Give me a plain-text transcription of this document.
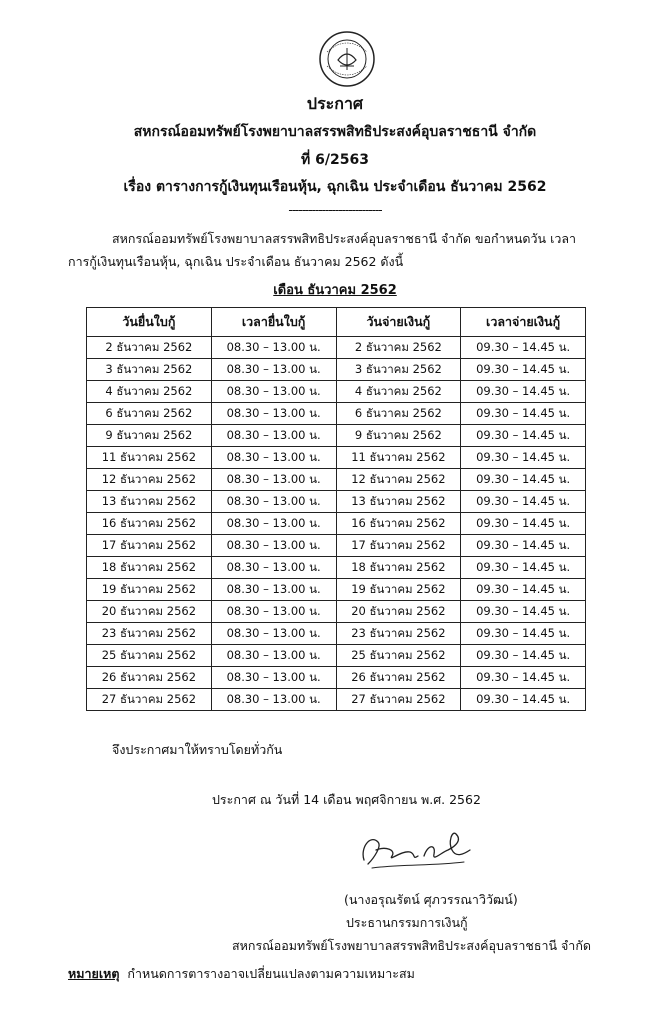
ประกาศ
สหกรณ์ออมทรัพย์โรงพยาบาลสรรพสิทธิประสงค์อุบลราชธานี จำกัด
ที่ 6/2563
เรื่อง ตารางการกู้เงินทุนเรือนหุ้น, ฉุกเฉิน ประจำเดือน ธันวาคม 2562
----------------------------
สหกรณ์ออมทรัพย์โรงพยาบาลสรรพสิทธิประสงค์อุบลราชธานี จำกัด ขอกำหนดวัน เวลา
การกู้เงินทุนเรือนหุ้น, ฉุกเฉิน ประจำเดือน ธันวาคม 2562 ดังนี้
เดือน ธันวาคม 2562
วันยื่นใบกู้	เวลายื่นใบกู้	วันจ่ายเงินกู้	เวลาจ่ายเงินกู้
2 ธันวาคม 2562	08.30 – 13.00 น.	2 ธันวาคม 2562	09.30 – 14.45 น.
3 ธันวาคม 2562	08.30 – 13.00 น.	3 ธันวาคม 2562	09.30 – 14.45 น.
4 ธันวาคม 2562	08.30 – 13.00 น.	4 ธันวาคม 2562	09.30 – 14.45 น.
6 ธันวาคม 2562	08.30 – 13.00 น.	6 ธันวาคม 2562	09.30 – 14.45 น.
9 ธันวาคม 2562	08.30 – 13.00 น.	9 ธันวาคม 2562	09.30 – 14.45 น.
11 ธันวาคม 2562	08.30 – 13.00 น.	11 ธันวาคม 2562	09.30 – 14.45 น.
12 ธันวาคม 2562	08.30 – 13.00 น.	12 ธันวาคม 2562	09.30 – 14.45 น.
13 ธันวาคม 2562	08.30 – 13.00 น.	13 ธันวาคม 2562	09.30 – 14.45 น.
16 ธันวาคม 2562	08.30 – 13.00 น.	16 ธันวาคม 2562	09.30 – 14.45 น.
17 ธันวาคม 2562	08.30 – 13.00 น.	17 ธันวาคม 2562	09.30 – 14.45 น.
18 ธันวาคม 2562	08.30 – 13.00 น.	18 ธันวาคม 2562	09.30 – 14.45 น.
19 ธันวาคม 2562	08.30 – 13.00 น.	19 ธันวาคม 2562	09.30 – 14.45 น.
20 ธันวาคม 2562	08.30 – 13.00 น.	20 ธันวาคม 2562	09.30 – 14.45 น.
23 ธันวาคม 2562	08.30 – 13.00 น.	23 ธันวาคม 2562	09.30 – 14.45 น.
25 ธันวาคม 2562	08.30 – 13.00 น.	25 ธันวาคม 2562	09.30 – 14.45 น.
26 ธันวาคม 2562	08.30 – 13.00 น.	26 ธันวาคม 2562	09.30 – 14.45 น.
27 ธันวาคม 2562	08.30 – 13.00 น.	27 ธันวาคม 2562	09.30 – 14.45 น.
จึงประกาศมาให้ทราบโดยทั่วกัน
ประกาศ ณ วันที่ 14 เดือน พฤศจิกายน พ.ศ. 2562
(นางอรุณรัตน์ ศุภวรรณาวิวัฒน์)
ประธานกรรมการเงินกู้
สหกรณ์ออมทรัพย์โรงพยาบาลสรรพสิทธิประสงค์อุบลราชธานี จำกัด
หมายเหตุ กำหนดการตารางอาจเปลี่ยนแปลงตามความเหมาะสม
